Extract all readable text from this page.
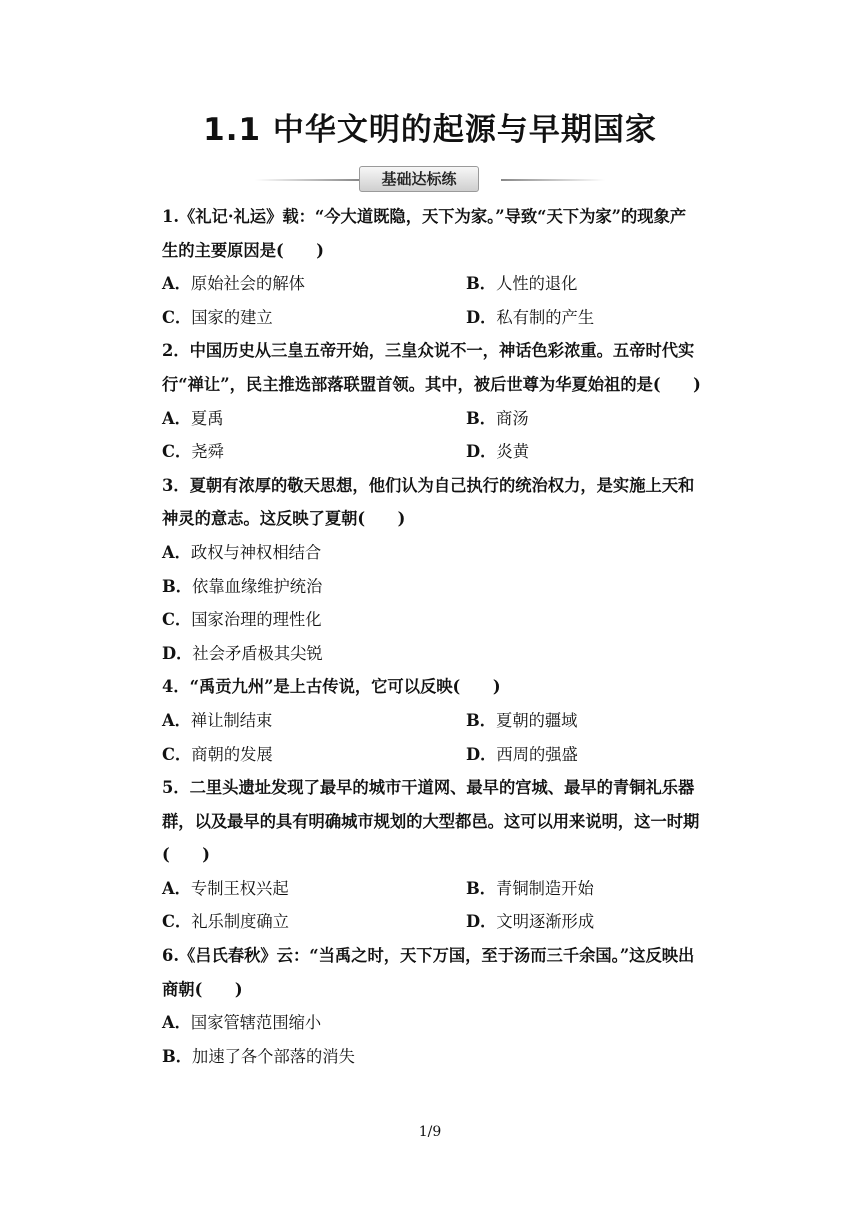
1.1 中华文明的起源与早期国家
基础达标练

1.《礼记·礼运》载：“今大道既隐，天下为家。”导致“天下为家”的现象产生的主要原因是(　　)

A．原始社会的解体	B．人性的退化
C．国家的建立	D．私有制的产生

2．中国历史从三皇五帝开始，三皇众说不一，神话色彩浓重。五帝时代实行“禅让”，民主推选部落联盟首领。其中，被后世尊为华夏始祖的是(　　)

A．夏禹	B．商汤
C．尧舜	D．炎黄

3．夏朝有浓厚的敬天思想，他们认为自己执行的统治权力，是实施上天和神灵的意志。这反映了夏朝(　　)

A．政权与神权相结合
B．依靠血缘维护统治
C．国家治理的理性化
D．社会矛盾极其尖锐

4．“禹贡九州”是上古传说，它可以反映(　　)

A．禅让制结束	B．夏朝的疆域
C．商朝的发展	D．西周的强盛

5．二里头遗址发现了最早的城市干道网、最早的宫城、最早的青铜礼乐器群，以及最早的具有明确城市规划的大型都邑。这可以用来说明，这一时期(　　)

A．专制王权兴起	B．青铜制造开始
C．礼乐制度确立	D．文明逐渐形成

6.《吕氏春秋》云：“当禹之时，天下万国，至于汤而三千余国。”这反映出商朝(　　)

A．国家管辖范围缩小
B．加速了各个部落的消失
1/9
